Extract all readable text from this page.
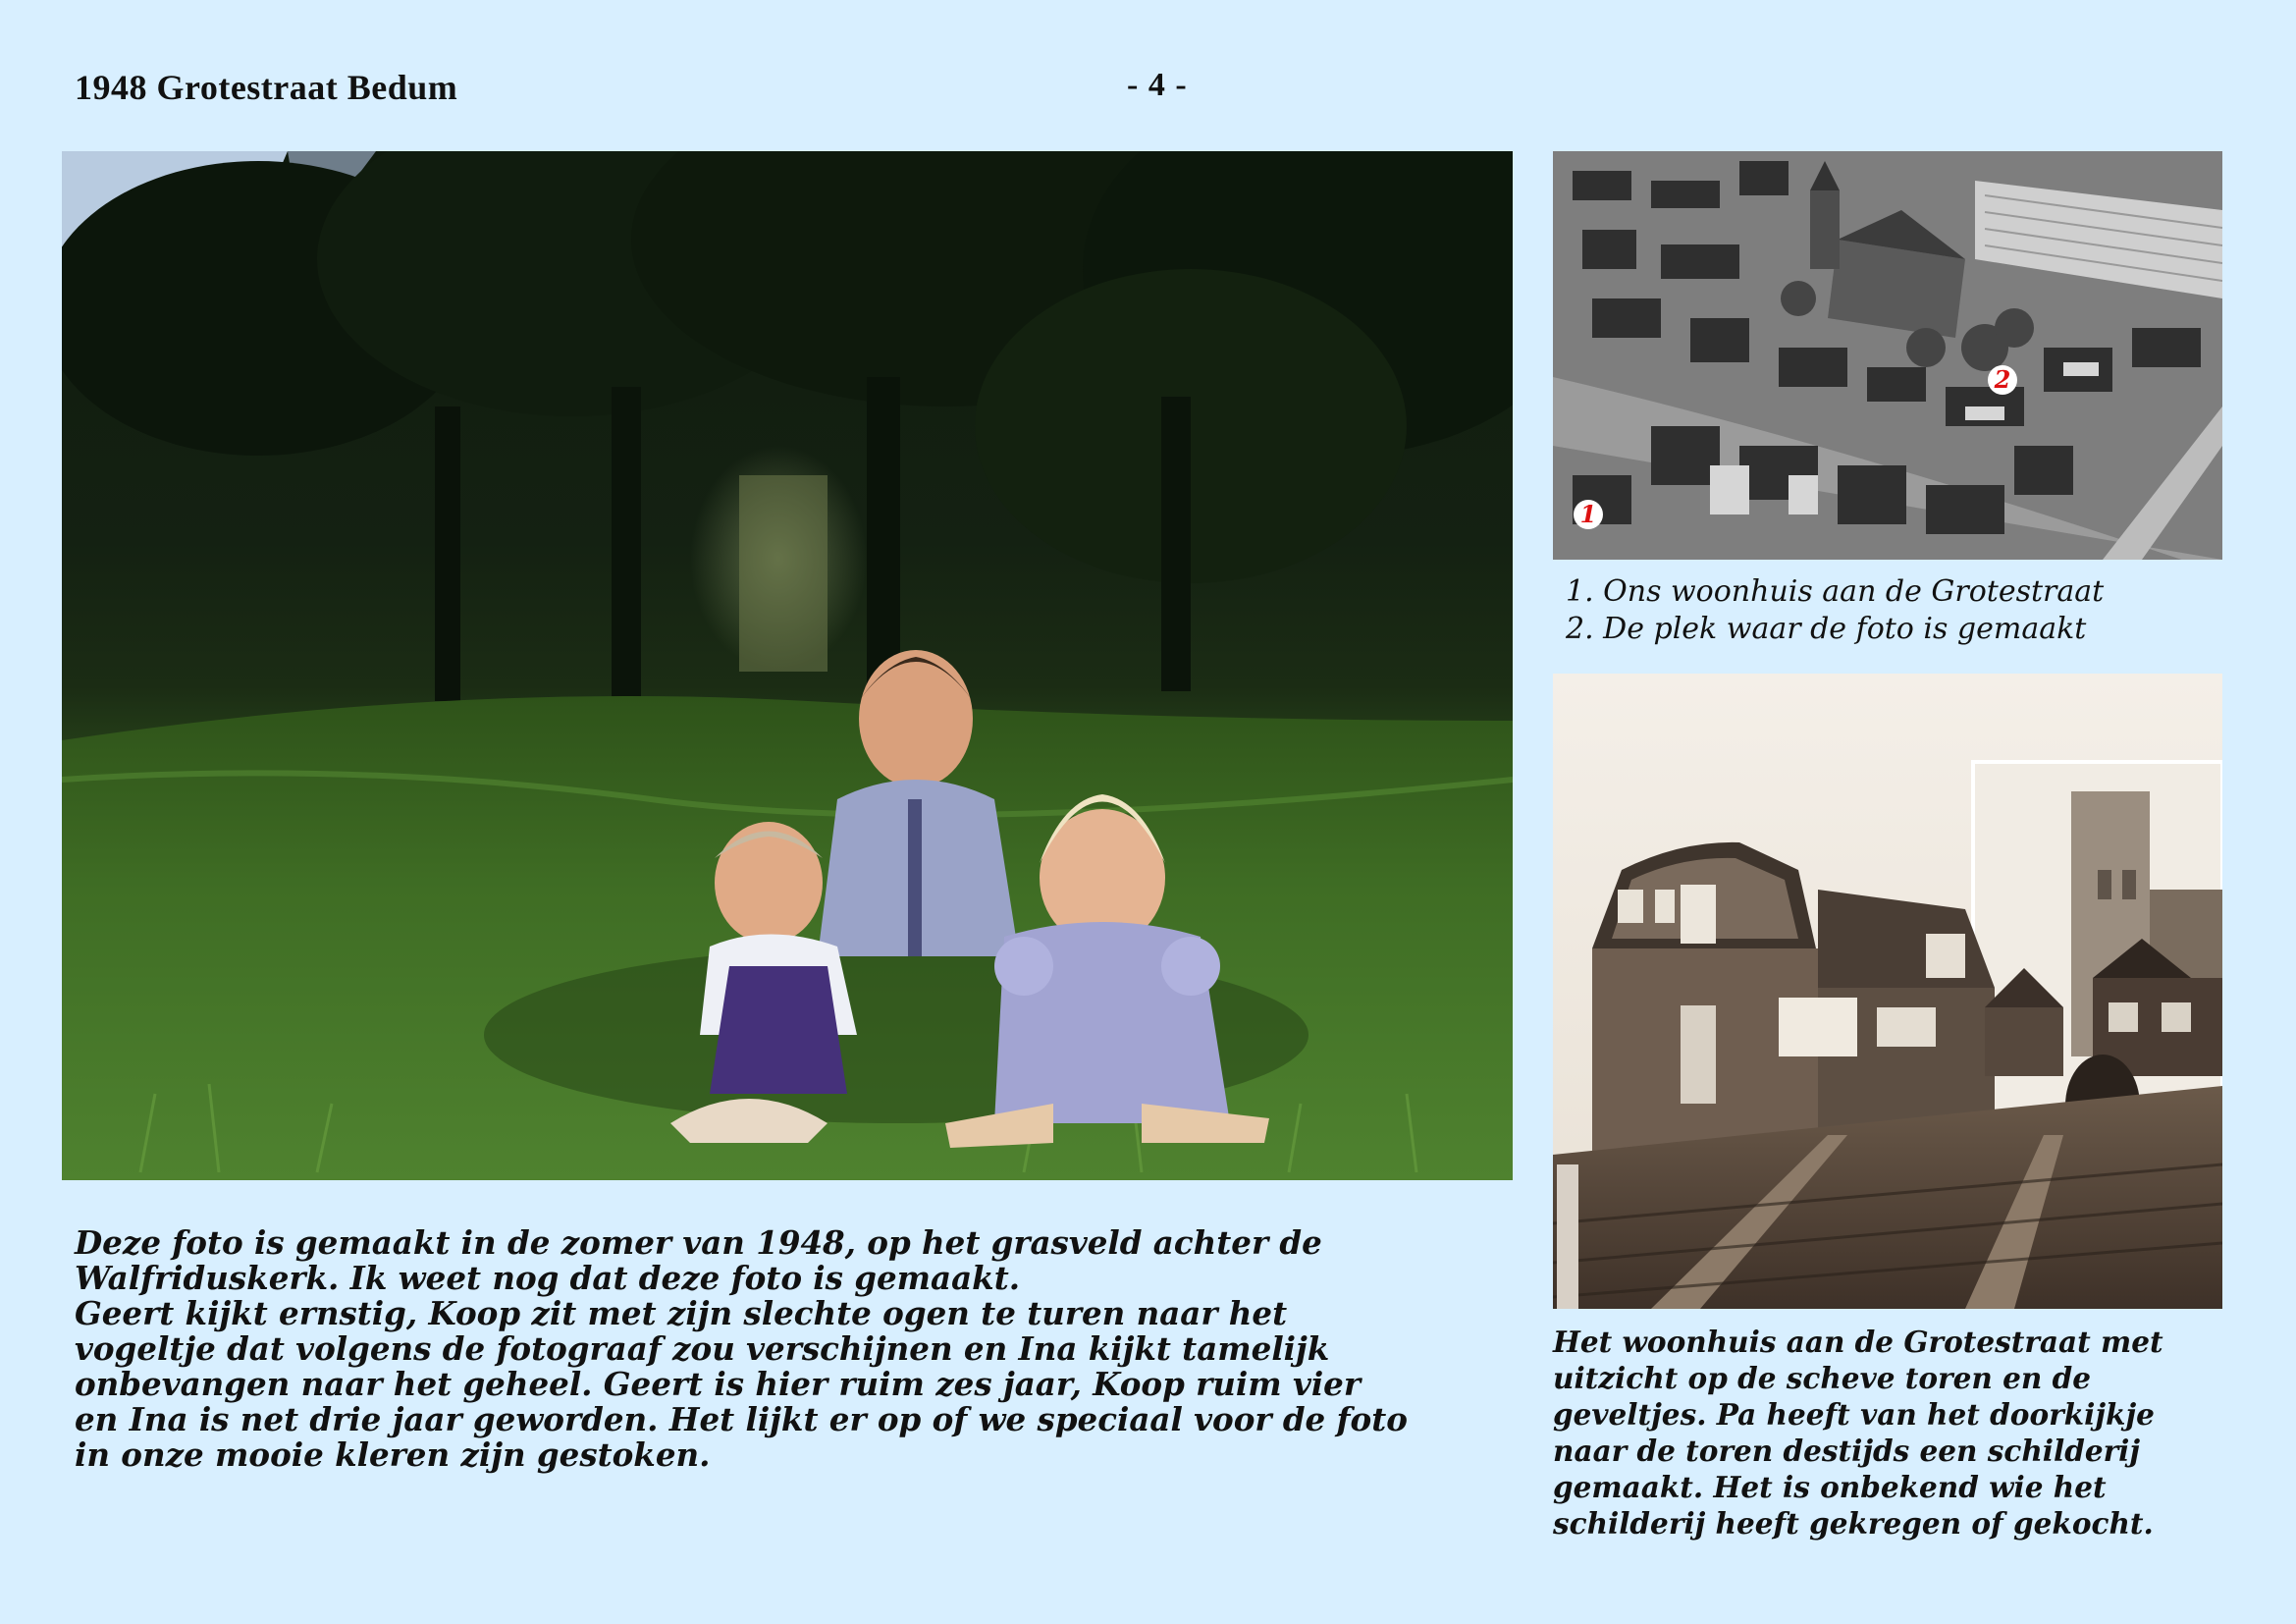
1948 Grotestraat Bedum	- 4 -
2
1
1. Ons woonhuis aan de Grotestraat
2. De plek waar de foto is gemaakt
Deze foto is gemaakt in de zomer van 1948, op het grasveld achter de
Walfriduskerk. Ik weet nog dat deze foto is gemaakt.
Geert kijkt ernstig, Koop zit met zijn slechte ogen te turen naar het
vogeltje dat volgens de fotograaf zou verschijnen en Ina kijkt tamelijk
onbevangen naar het geheel. Geert is hier ruim zes jaar, Koop ruim vier
en Ina is net drie jaar geworden. Het lijkt er op of we speciaal voor de foto
in onze mooie kleren zijn gestoken.
Het woonhuis aan de Grotestraat met
uitzicht op de scheve toren en de
geveltjes. Pa heeft van het doorkijkje
naar de toren destijds een schilderij
gemaakt. Het is onbekend wie het
schilderij heeft gekregen of gekocht.
